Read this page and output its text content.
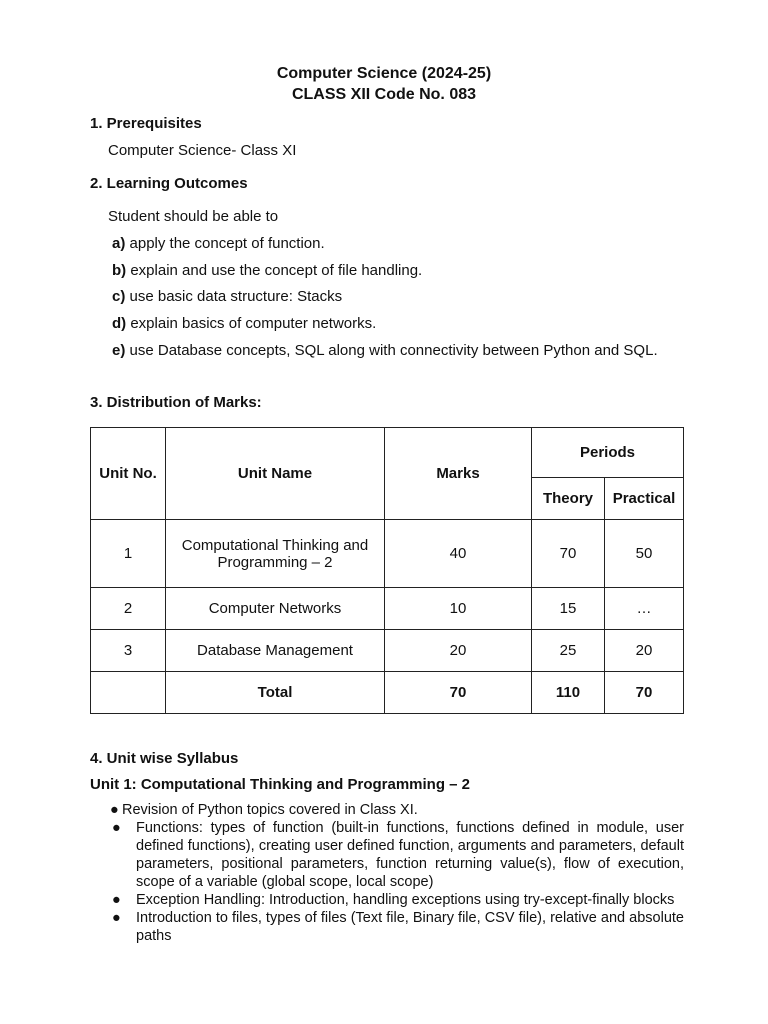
Computer Science (2024-25)
CLASS XII Code No. 083
1. Prerequisites
Computer Science- Class XI
2. Learning Outcomes
Student should be able to
a) apply the concept of function.
b) explain and use the concept of file handling.
c) use basic data structure: Stacks
d) explain basics of computer networks.
e) use Database concepts, SQL along with connectivity between Python and SQL.
3. Distribution of Marks:
Unit No.	Unit Name	Marks	Periods	
			Theory	Practical
1	Computational Thinking and Programming – 2	40	70	50
2	Computer Networks	10	15	…
3	Database Management	20	25	20
	Total	70	110	70
4. Unit wise Syllabus
Unit 1: Computational Thinking and Programming – 2
● Revision of Python topics covered in Class XI.
● Functions: types of function (built-in functions, functions defined in module, user defined functions), creating user defined function, arguments and parameters, default parameters, positional parameters, function returning value(s), flow of execution, scope of a variable (global scope, local scope)
● Exception Handling: Introduction, handling exceptions using try-except-finally blocks
● Introduction to files, types of files (Text file, Binary file, CSV file), relative and absolute paths
